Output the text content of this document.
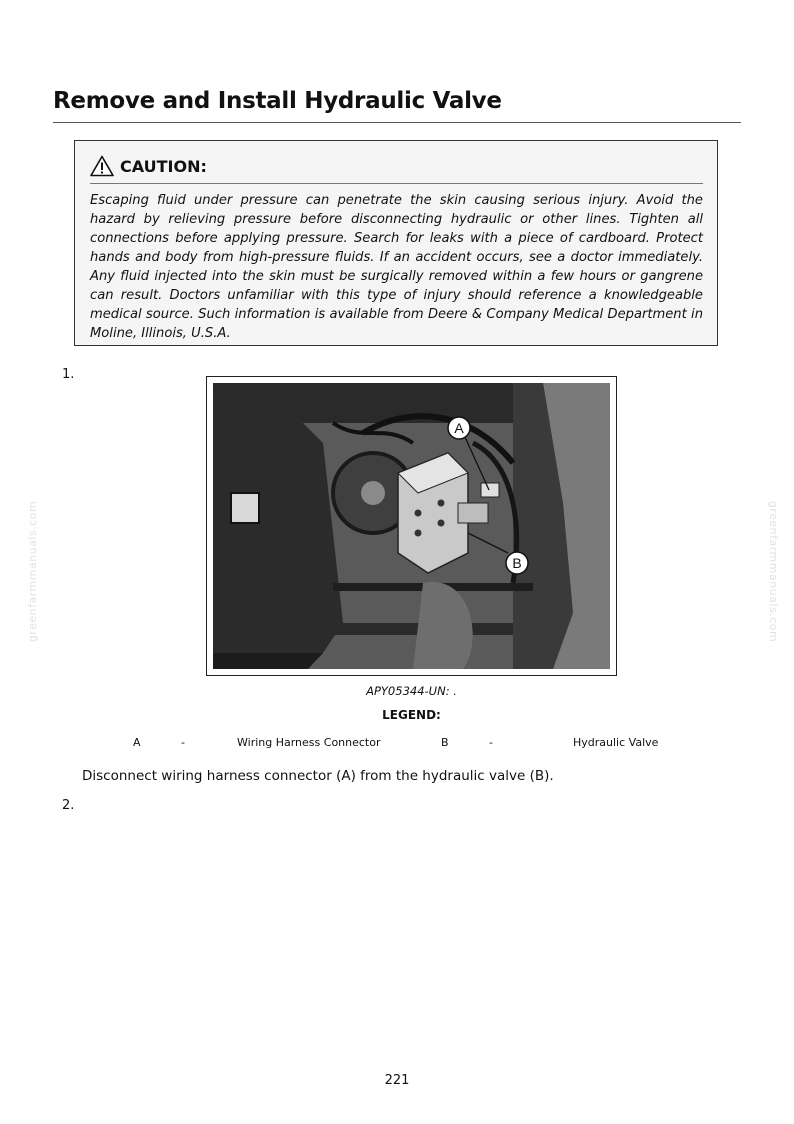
Remove and Install Hydraulic Valve
CAUTION:

Escaping fluid under pressure can penetrate the skin causing serious injury. Avoid the hazard by relieving pressure before disconnecting hydraulic or other lines. Tighten all connections before applying pressure. Search for leaks with a piece of cardboard. Protect hands and body from high-pressure fluids. If an accident occurs, see a doctor immediately. Any fluid injected into the skin must be surgically removed within a few hours or gangrene can result. Doctors unfamiliar with this type of injury should reference a knowledgeable medical source. Such information is available from Deere & Company Medical Department in Moline, Illinois, U.S.A.

1.
A
B
APY05344-UN: .
LEGEND:
A	-	Wiring Harness Connector	B	-	Hydraulic Valve
Disconnect wiring harness connector (A) from the hydraulic valve (B).
2.
greenfarmmanuals.com	greenfarmmanuals.com
221
